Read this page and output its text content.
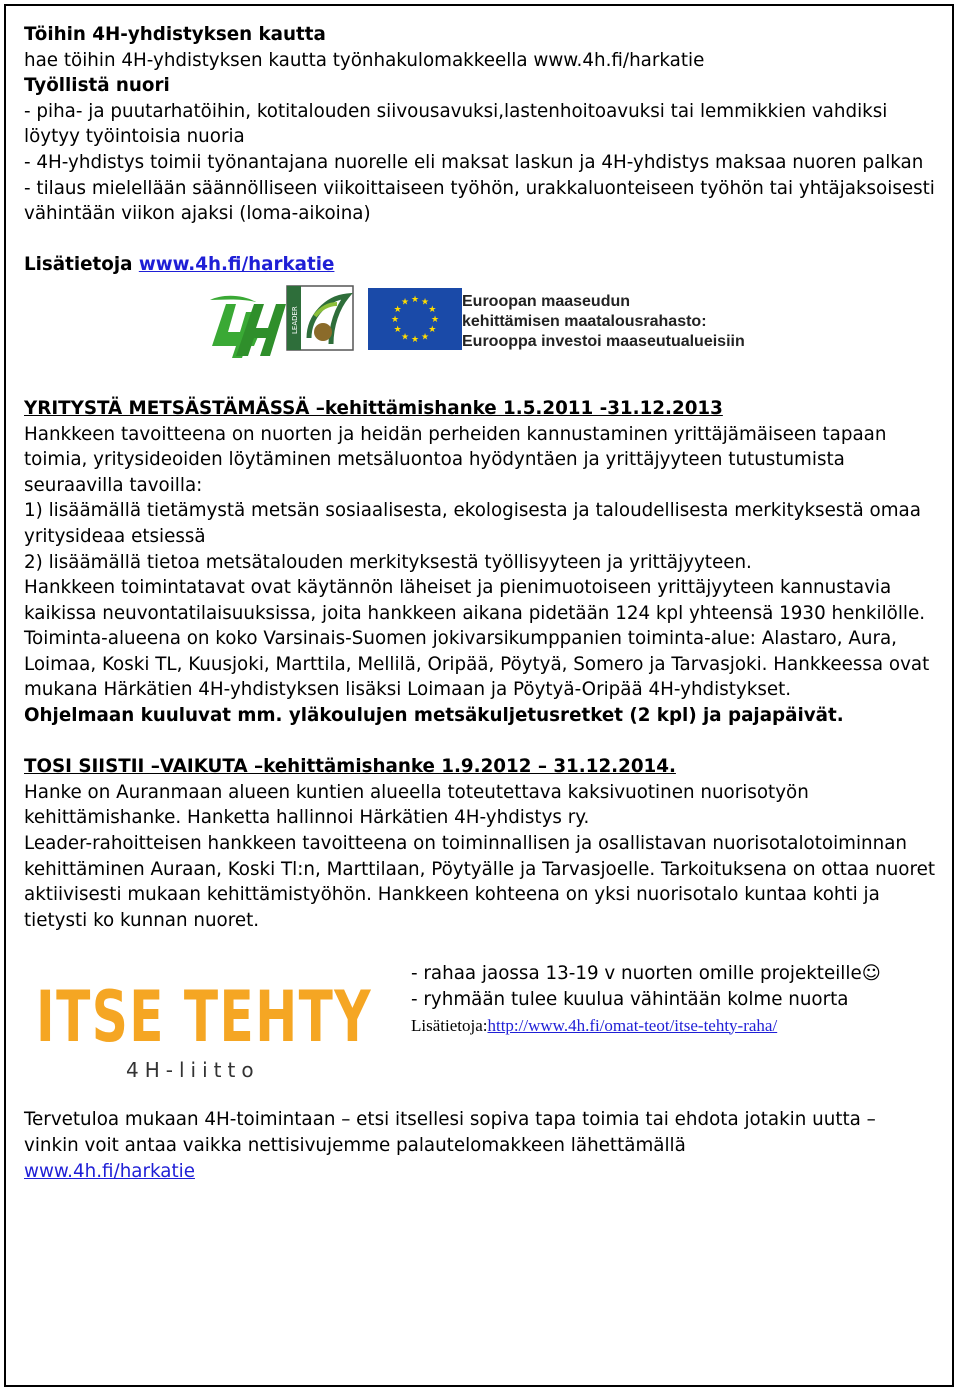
Töihin 4H-yhdistyksen kautta

hae töihin 4H-yhdistyksen kautta työnhakulomakkeella www.4h.fi/harkatie

Työllistä nuori

- piha- ja puutarhatöihin, kotitalouden siivousavuksi,lastenhoitoavuksi tai lemmikkien vahdiksi löytyy työintoisia nuoria

- 4H-yhdistys toimii työnantajana nuorelle eli maksat laskun ja 4H-yhdistys maksaa nuoren palkan

- tilaus mielellään säännölliseen viikoittaiseen työhön, urakkaluonteiseen työhön tai yhtäjaksoisesti vähintään viikon ajaksi (loma-aikoina)

Lisätietoja www.4h.fi/harkatie

LEADER
★ ★
★
★
★
★
★
★
★
★
★
★	Euroopan maaseudun
kehittämisen maatalousrahasto:
Eurooppa investoi maaseutualueisiin

YRITYSTÄ METSÄSTÄMÄSSÄ –kehittämishanke 1.5.2011 -31.12.2013

Hankkeen tavoitteena on nuorten ja heidän perheiden kannustaminen yrittäjämäiseen tapaan toimia, yritysideoiden löytäminen metsäluontoa hyödyntäen ja yrittäjyyteen tutustumista seuraavilla tavoilla:

1) lisäämällä tietämystä metsän sosiaalisesta, ekologisesta ja taloudellisesta merkityksestä omaa yritysideaa etsiessä

2) lisäämällä tietoa metsätalouden merkityksestä työllisyyteen ja yrittäjyyteen.

Hankkeen toimintatavat ovat käytännön läheiset ja pienimuotoiseen yrittäjyyteen kannustavia

kaikissa neuvontatilaisuuksissa, joita hankkeen aikana pidetään 124 kpl yhteensä 1930 henkilölle. Toiminta-alueena on koko Varsinais-Suomen jokivarsikumppanien toiminta-alue: Alastaro, Aura, Loimaa, Koski TL, Kuusjoki, Marttila, Mellilä, Oripää, Pöytyä, Somero ja Tarvasjoki. Hankkeessa ovat mukana Härkätien 4H-yhdistyksen lisäksi Loimaan ja Pöytyä-Oripää 4H-yhdistykset.

Ohjelmaan kuuluvat mm. yläkoulujen metsäkuljetusretket (2 kpl) ja pajapäivät.

TOSI SIISTII –VAIKUTA –kehittämishanke 1.9.2012 – 31.12.2014.

Hanke on Auranmaan alueen kuntien alueella toteutettava kaksivuotinen nuorisotyön kehittämishanke. Hanketta hallinnoi Härkätien 4H-yhdistys ry.

Leader-rahoitteisen hankkeen tavoitteena on toiminnallisen ja osallistavan nuorisotalotoiminnan kehittäminen Auraan, Koski Tl:n, Marttilaan, Pöytyälle ja Tarvasjoelle. Tarkoituksena on ottaa nuoret aktiivisesti mukaan kehittämistyöhön. Hankkeen kohteena on yksi nuorisotalo kuntaa kohti ja tietysti ko kunnan nuoret.

ITSE TEHTY
4H-liitto

- rahaa jaossa 13-19 v nuorten omille projekteille☺

- ryhmään tulee kuulua vähintään kolme nuorta

Lisätietoja:http://www.4h.fi/omat-teot/itse-tehty-raha/

Tervetuloa mukaan 4H-toimintaan – etsi itsellesi sopiva tapa toimia tai ehdota jotakin uutta – vinkin voit antaa vaikka nettisivujemme palautelomakkeen lähettämällä

www.4h.fi/harkatie
